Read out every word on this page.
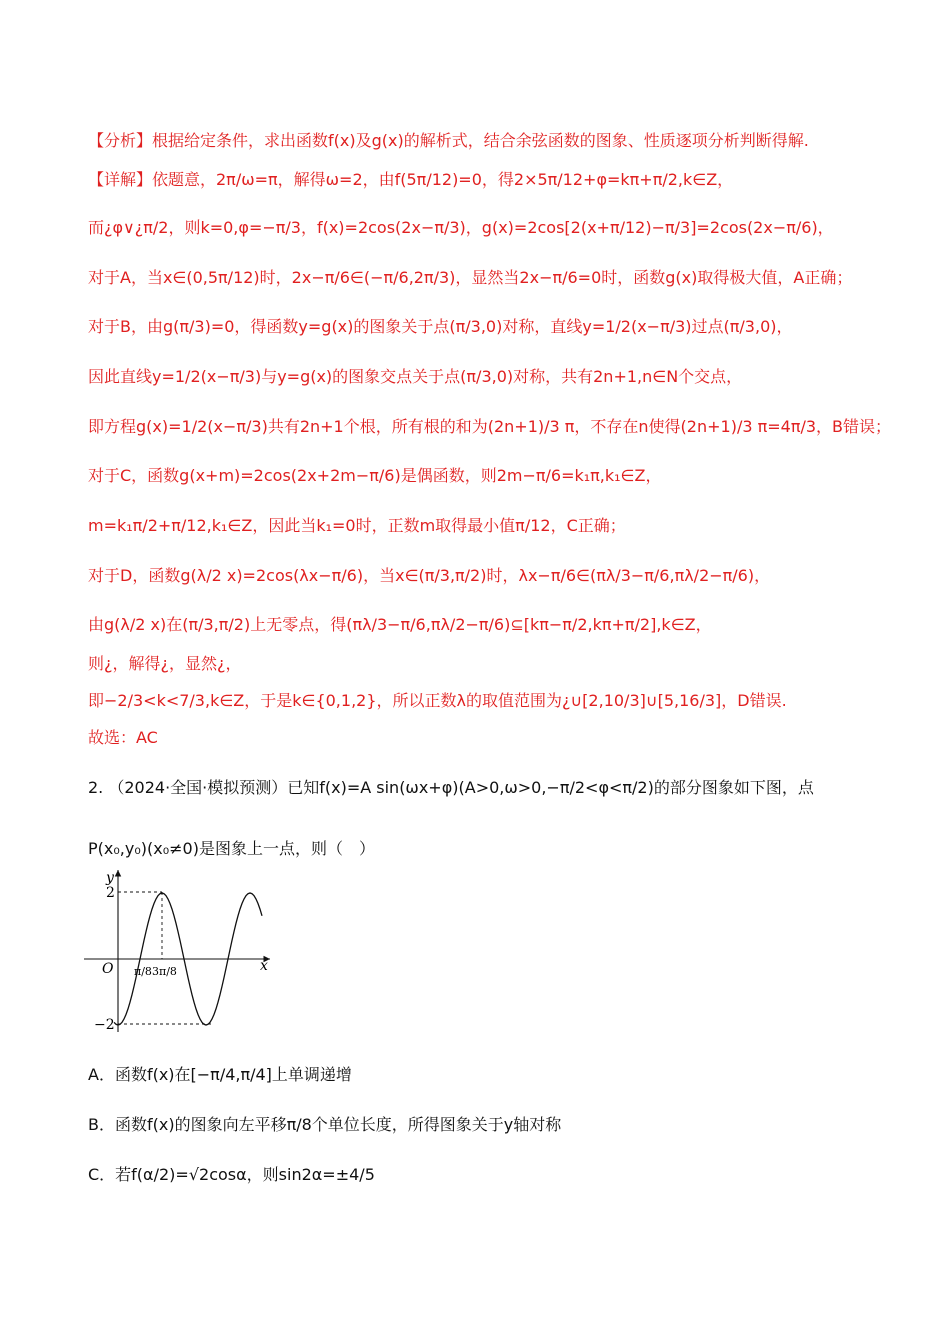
【分析】根据给定条件，求出函数f(x)及g(x)的解析式，结合余弦函数的图象、性质逐项分析判断得解.
【详解】依题意，2π/ω=π，解得ω=2，由f(5π/12)=0，得2×5π/12+φ=kπ+π/2,k∈Z，
而¿φ∨¿π/2，则k=0,φ=−π/3，f(x)=2cos(2x−π/3)，g(x)=2cos[2(x+π/12)−π/3]=2cos(2x−π/6)，
对于A，当x∈(0,5π/12)时，2x−π/6∈(−π/6,2π/3)，显然当2x−π/6=0时，函数g(x)取得极大值，A正确；
对于B，由g(π/3)=0，得函数y=g(x)的图象关于点(π/3,0)对称，直线y=1/2(x−π/3)过点(π/3,0)，
因此直线y=1/2(x−π/3)与y=g(x)的图象交点关于点(π/3,0)对称，共有2n+1,n∈N个交点，
即方程g(x)=1/2(x−π/3)共有2n+1个根，所有根的和为(2n+1)/3 π，不存在n使得(2n+1)/3 π=4π/3，B错误；
对于C，函数g(x+m)=2cos(2x+2m−π/6)是偶函数，则2m−π/6=k₁π,k₁∈Z，
m=k₁π/2+π/12,k₁∈Z，因此当k₁=0时，正数m取得最小值π/12，C正确；
对于D，函数g(λ/2 x)=2cos(λx−π/6)，当x∈(π/3,π/2)时，λx−π/6∈(πλ/3−π/6,πλ/2−π/6)，
由g(λ/2 x)在(π/3,π/2)上无零点，得(πλ/3−π/6,πλ/2−π/6)⊆[kπ−π/2,kπ+π/2],k∈Z，
则¿，解得¿，显然¿，
即−2/3<k<7/3,k∈Z，于是k∈{0,1,2}，所以正数λ的取值范围为¿∪[2,10/3]∪[5,16/3]，D错误.
故选：AC
2. （2024·全国·模拟预测）已知f(x)=A sin(ωx+φ)(A>0,ω>0,−π/2<φ<π/2)的部分图象如下图，点
P(x₀,y₀)(x₀≠0)是图象上一点，则（　）
y
x
O
2
−2
π/8 3π/8
A．函数f(x)在[−π/4,π/4]上单调递增
B．函数f(x)的图象向左平移π/8个单位长度，所得图象关于y轴对称
C．若f(α/2)=√2cosα，则sin2α=±4/5
